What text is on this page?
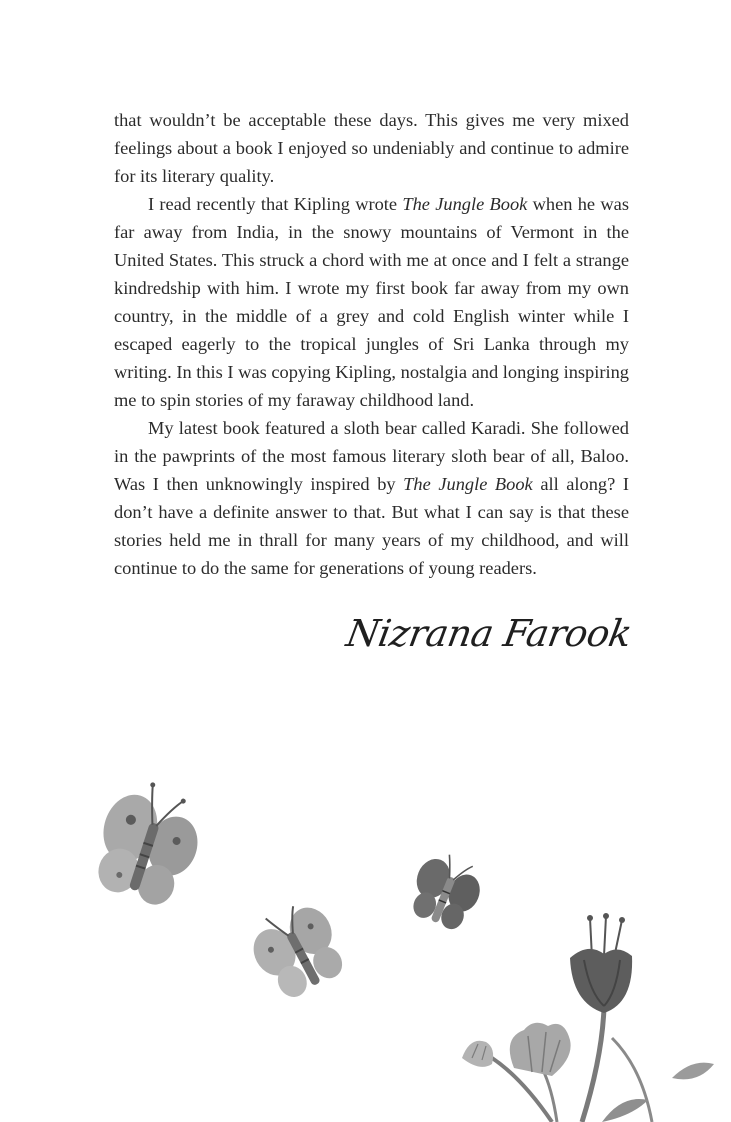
that wouldn’t be acceptable these days. This gives me very mixed feelings about a book I enjoyed so undeniably and continue to admire for its literary quality.

I read recently that Kipling wrote The Jungle Book when he was far away from India, in the snowy mountains of Vermont in the United States. This struck a chord with me at once and I felt a strange kindredship with him. I wrote my first book far away from my own country, in the middle of a grey and cold English winter while I escaped eagerly to the tropical jungles of Sri Lanka through my writing. In this I was copying Kipling, nostalgia and longing inspiring me to spin stories of my faraway childhood land.

My latest book featured a sloth bear called Karadi. She followed in the pawprints of the most famous literary sloth bear of all, Baloo. Was I then unknowingly inspired by The Jungle Book all along? I don’t have a definite answer to that. But what I can say is that these stories held me in thrall for many years of my childhood, and will continue to do the same for generations of young readers.

Nizrana Farook
